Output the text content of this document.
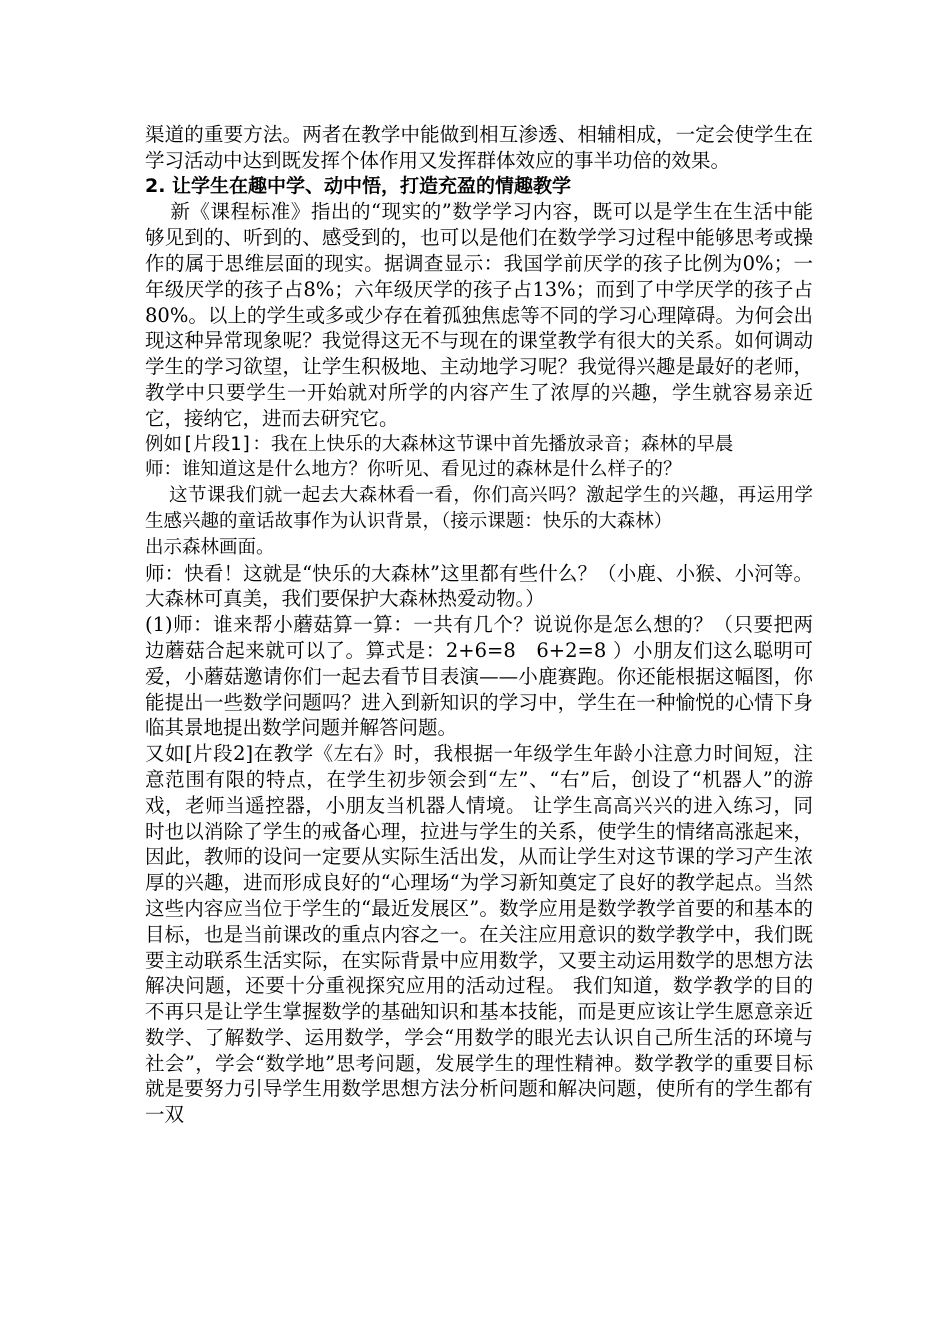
渠道的重要方法。两者在教学中能做到相互渗透、相辅相成，一定会使学生在学习活动中达到既发挥个体作用又发挥群体效应的事半功倍的效果。

2. 让学生在趣中学、动中悟，打造充盈的情趣教学

新《课程标准》指出的“现实的”数学学习内容，既可以是学生在生活中能够见到的、听到的、感受到的，也可以是他们在数学学习过程中能够思考或操作的属于思维层面的现实。据调查显示：我国学前厌学的孩子比例为0%；一年级厌学的孩子占8%；六年级厌学的孩子占13%；而到了中学厌学的孩子占80%。以上的学生或多或少存在着孤独焦虑等不同的学习心理障碍。为何会出现这种异常现象呢？我觉得这无不与现在的课堂教学有很大的关系。如何调动学生的学习欲望，让学生积极地、主动地学习呢？我觉得兴趣是最好的老师，教学中只要学生一开始就对所学的内容产生了浓厚的兴趣，学生就容易亲近它，接纳它，进而去研究它。

例如[片段1]：我在上快乐的大森林这节课中首先播放录音；森林的早晨

师：谁知道这是什么地方？你听见、看见过的森林是什么样子的？

这节课我们就一起去大森林看一看，你们高兴吗？激起学生的兴趣，再运用学生感兴趣的童话故事作为认识背景，（接示课题：快乐的大森林）

出示森林画面。

师：快看！这就是“快乐的大森林”这里都有些什么？（小鹿、小猴、小河等。大森林可真美，我们要保护大森林热爱动物。）

(1)师：谁来帮小蘑菇算一算：一共有几个？说说你是怎么想的？（只要把两边蘑菇合起来就可以了。算式是：2+6=8　6+2=8 ）小朋友们这么聪明可爱，小蘑菇邀请你们一起去看节目表演——小鹿赛跑。你还能根据这幅图，你能提出一些数学问题吗？进入到新知识的学习中，学生在一种愉悦的心情下身临其景地提出数学问题并解答问题。

又如[片段2]在教学《左右》时，我根据一年级学生年龄小注意力时间短，注意范围有限的特点，在学生初步领会到“左”、“右”后，创设了“机器人”的游戏，老师当遥控器，小朋友当机器人情境。 让学生高高兴兴的进入练习，同时也以消除了学生的戒备心理，拉进与学生的关系，使学生的情绪高涨起来，因此，教师的设问一定要从实际生活出发，从而让学生对这节课的学习产生浓厚的兴趣，进而形成良好的“心理场“为学习新知奠定了良好的教学起点。当然这些内容应当位于学生的“最近发展区”。数学应用是数学教学首要的和基本的目标，也是当前课改的重点内容之一。在关注应用意识的数学教学中，我们既要主动联系生活实际，在实际背景中应用数学，又要主动运用数学的思想方法解决问题，还要十分重视探究应用的活动过程。 我们知道，数学教学的目的不再只是让学生掌握数学的基础知识和基本技能，而是更应该让学生愿意亲近数学、了解数学、运用数学，学会“用数学的眼光去认识自己所生活的环境与社会”，学会“数学地”思考问题，发展学生的理性精神。数学教学的重要目标就是要努力引导学生用数学思想方法分析问题和解决问题，使所有的学生都有一双
